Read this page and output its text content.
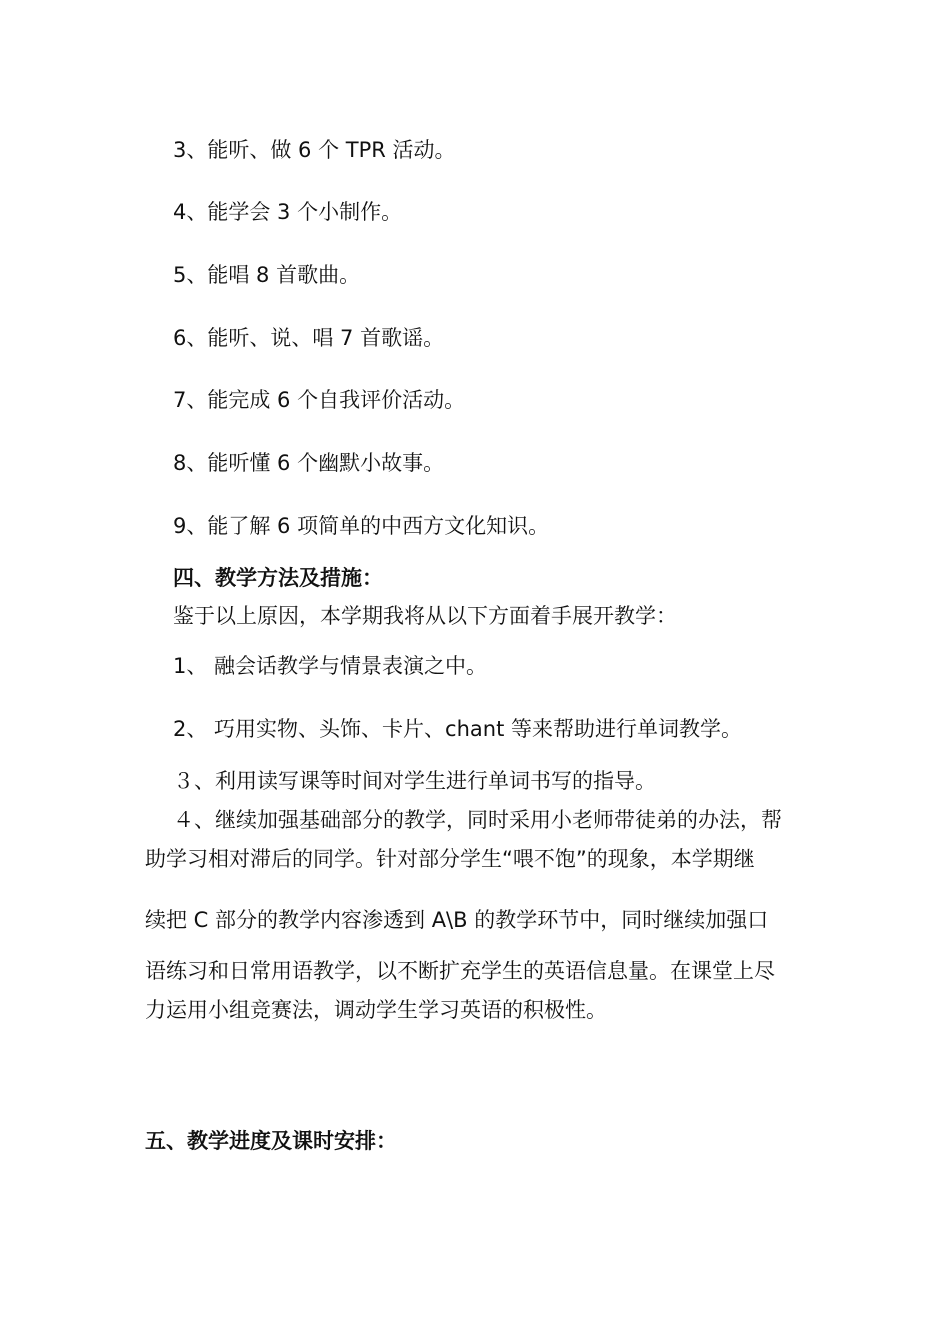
3、能听、做 6 个 TPR 活动。

4、能学会 3 个小制作。

5、能唱 8 首歌曲。

6、能听、说、唱 7 首歌谣。

7、能完成 6 个自我评价活动。

8、能听懂 6 个幽默小故事。

9、能了解 6 项简单的中西方文化知识。

四、教学方法及措施：

鉴于以上原因，本学期我将从以下方面着手展开教学：

1、 融会话教学与情景表演之中。

2、 巧用实物、头饰、卡片、chant 等来帮助进行单词教学。

３、利用读写课等时间对学生进行单词书写的指导。

４、继续加强基础部分的教学，同时采用小老师带徒弟的办法，帮

助学习相对滞后的同学。针对部分学生“喂不饱”的现象，本学期继

续把 C 部分的教学内容渗透到 A\B 的教学环节中，同时继续加强口

语练习和日常用语教学，以不断扩充学生的英语信息量。在课堂上尽

力运用小组竞赛法，调动学生学习英语的积极性。

五、教学进度及课时安排：
